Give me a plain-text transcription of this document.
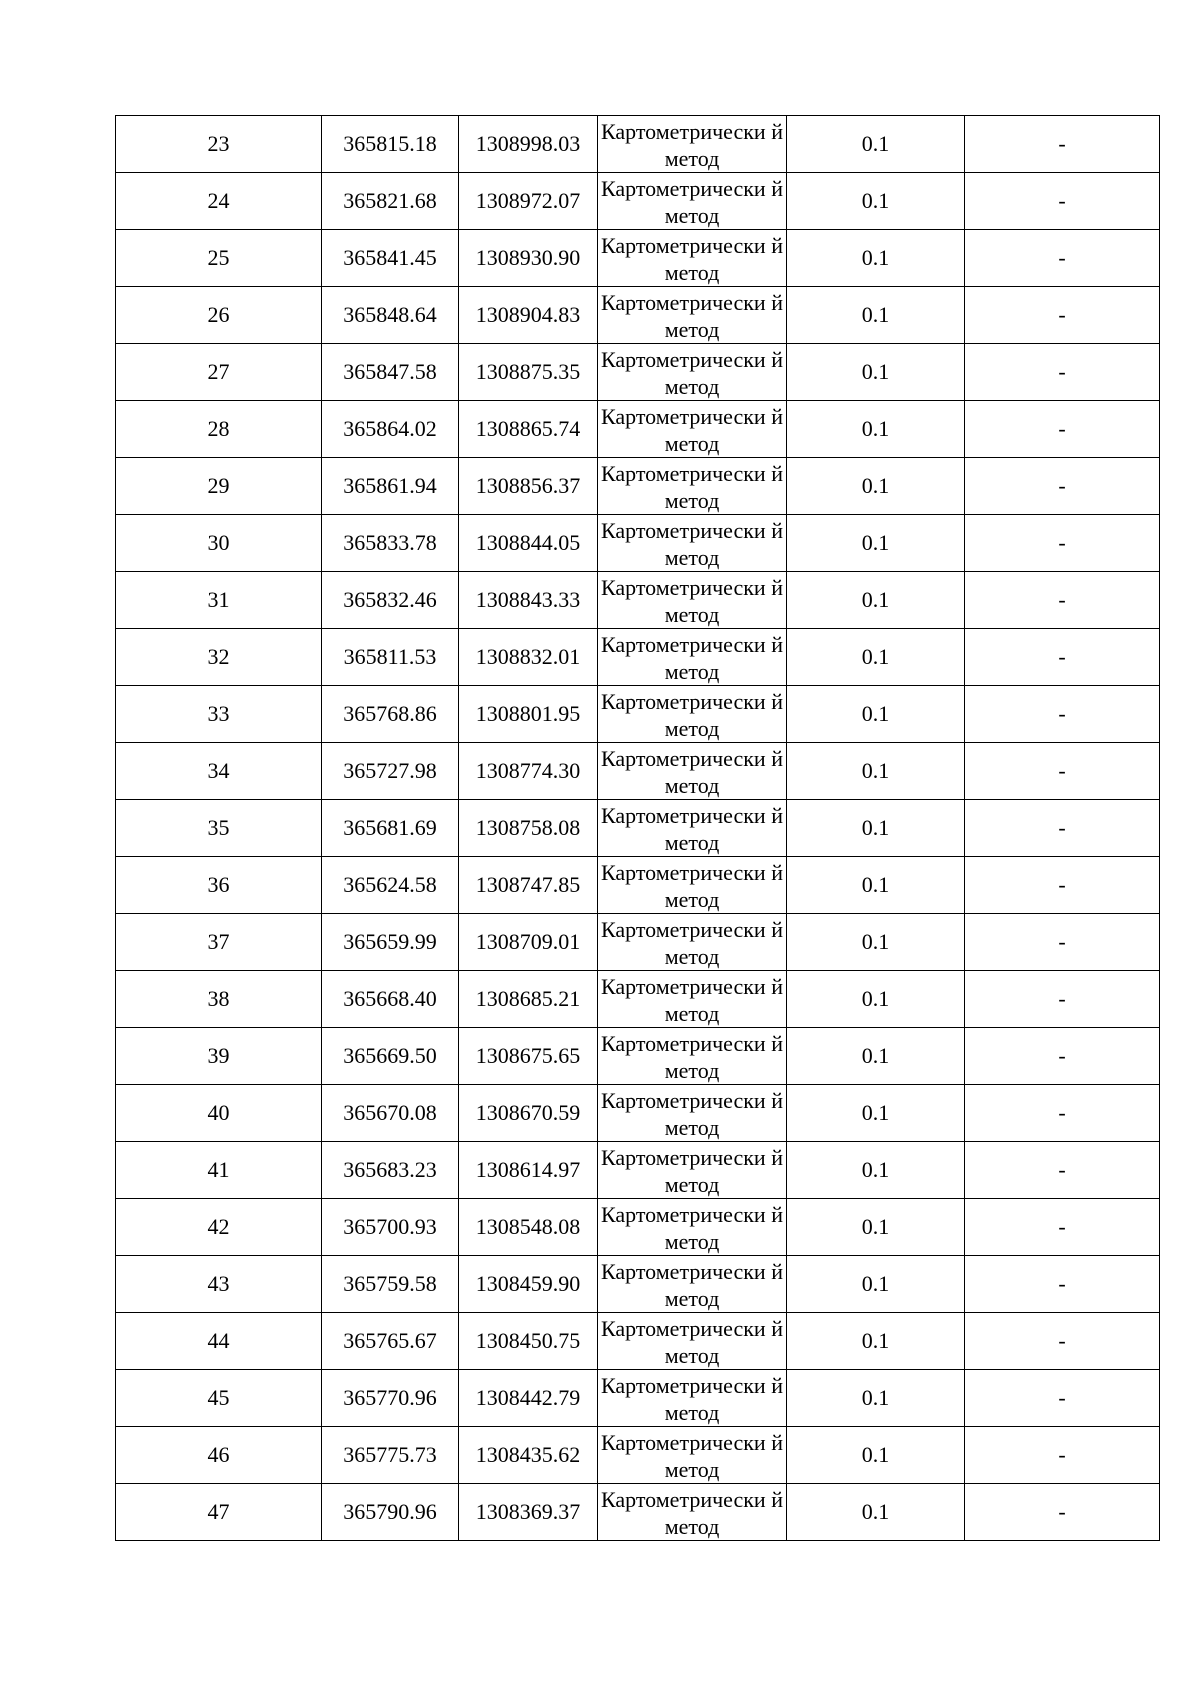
23	365815.18	1308998.03	Картометрически й метод	0.1	-
24	365821.68	1308972.07	Картометрически й метод	0.1	-
25	365841.45	1308930.90	Картометрически й метод	0.1	-
26	365848.64	1308904.83	Картометрически й метод	0.1	-
27	365847.58	1308875.35	Картометрически й метод	0.1	-
28	365864.02	1308865.74	Картометрически й метод	0.1	-
29	365861.94	1308856.37	Картометрически й метод	0.1	-
30	365833.78	1308844.05	Картометрически й метод	0.1	-
31	365832.46	1308843.33	Картометрически й метод	0.1	-
32	365811.53	1308832.01	Картометрически й метод	0.1	-
33	365768.86	1308801.95	Картометрически й метод	0.1	-
34	365727.98	1308774.30	Картометрически й метод	0.1	-
35	365681.69	1308758.08	Картометрически й метод	0.1	-
36	365624.58	1308747.85	Картометрически й метод	0.1	-
37	365659.99	1308709.01	Картометрически й метод	0.1	-
38	365668.40	1308685.21	Картометрически й метод	0.1	-
39	365669.50	1308675.65	Картометрически й метод	0.1	-
40	365670.08	1308670.59	Картометрически й метод	0.1	-
41	365683.23	1308614.97	Картометрически й метод	0.1	-
42	365700.93	1308548.08	Картометрически й метод	0.1	-
43	365759.58	1308459.90	Картометрически й метод	0.1	-
44	365765.67	1308450.75	Картометрически й метод	0.1	-
45	365770.96	1308442.79	Картометрически й метод	0.1	-
46	365775.73	1308435.62	Картометрически й метод	0.1	-
47	365790.96	1308369.37	Картометрически й метод	0.1	-
